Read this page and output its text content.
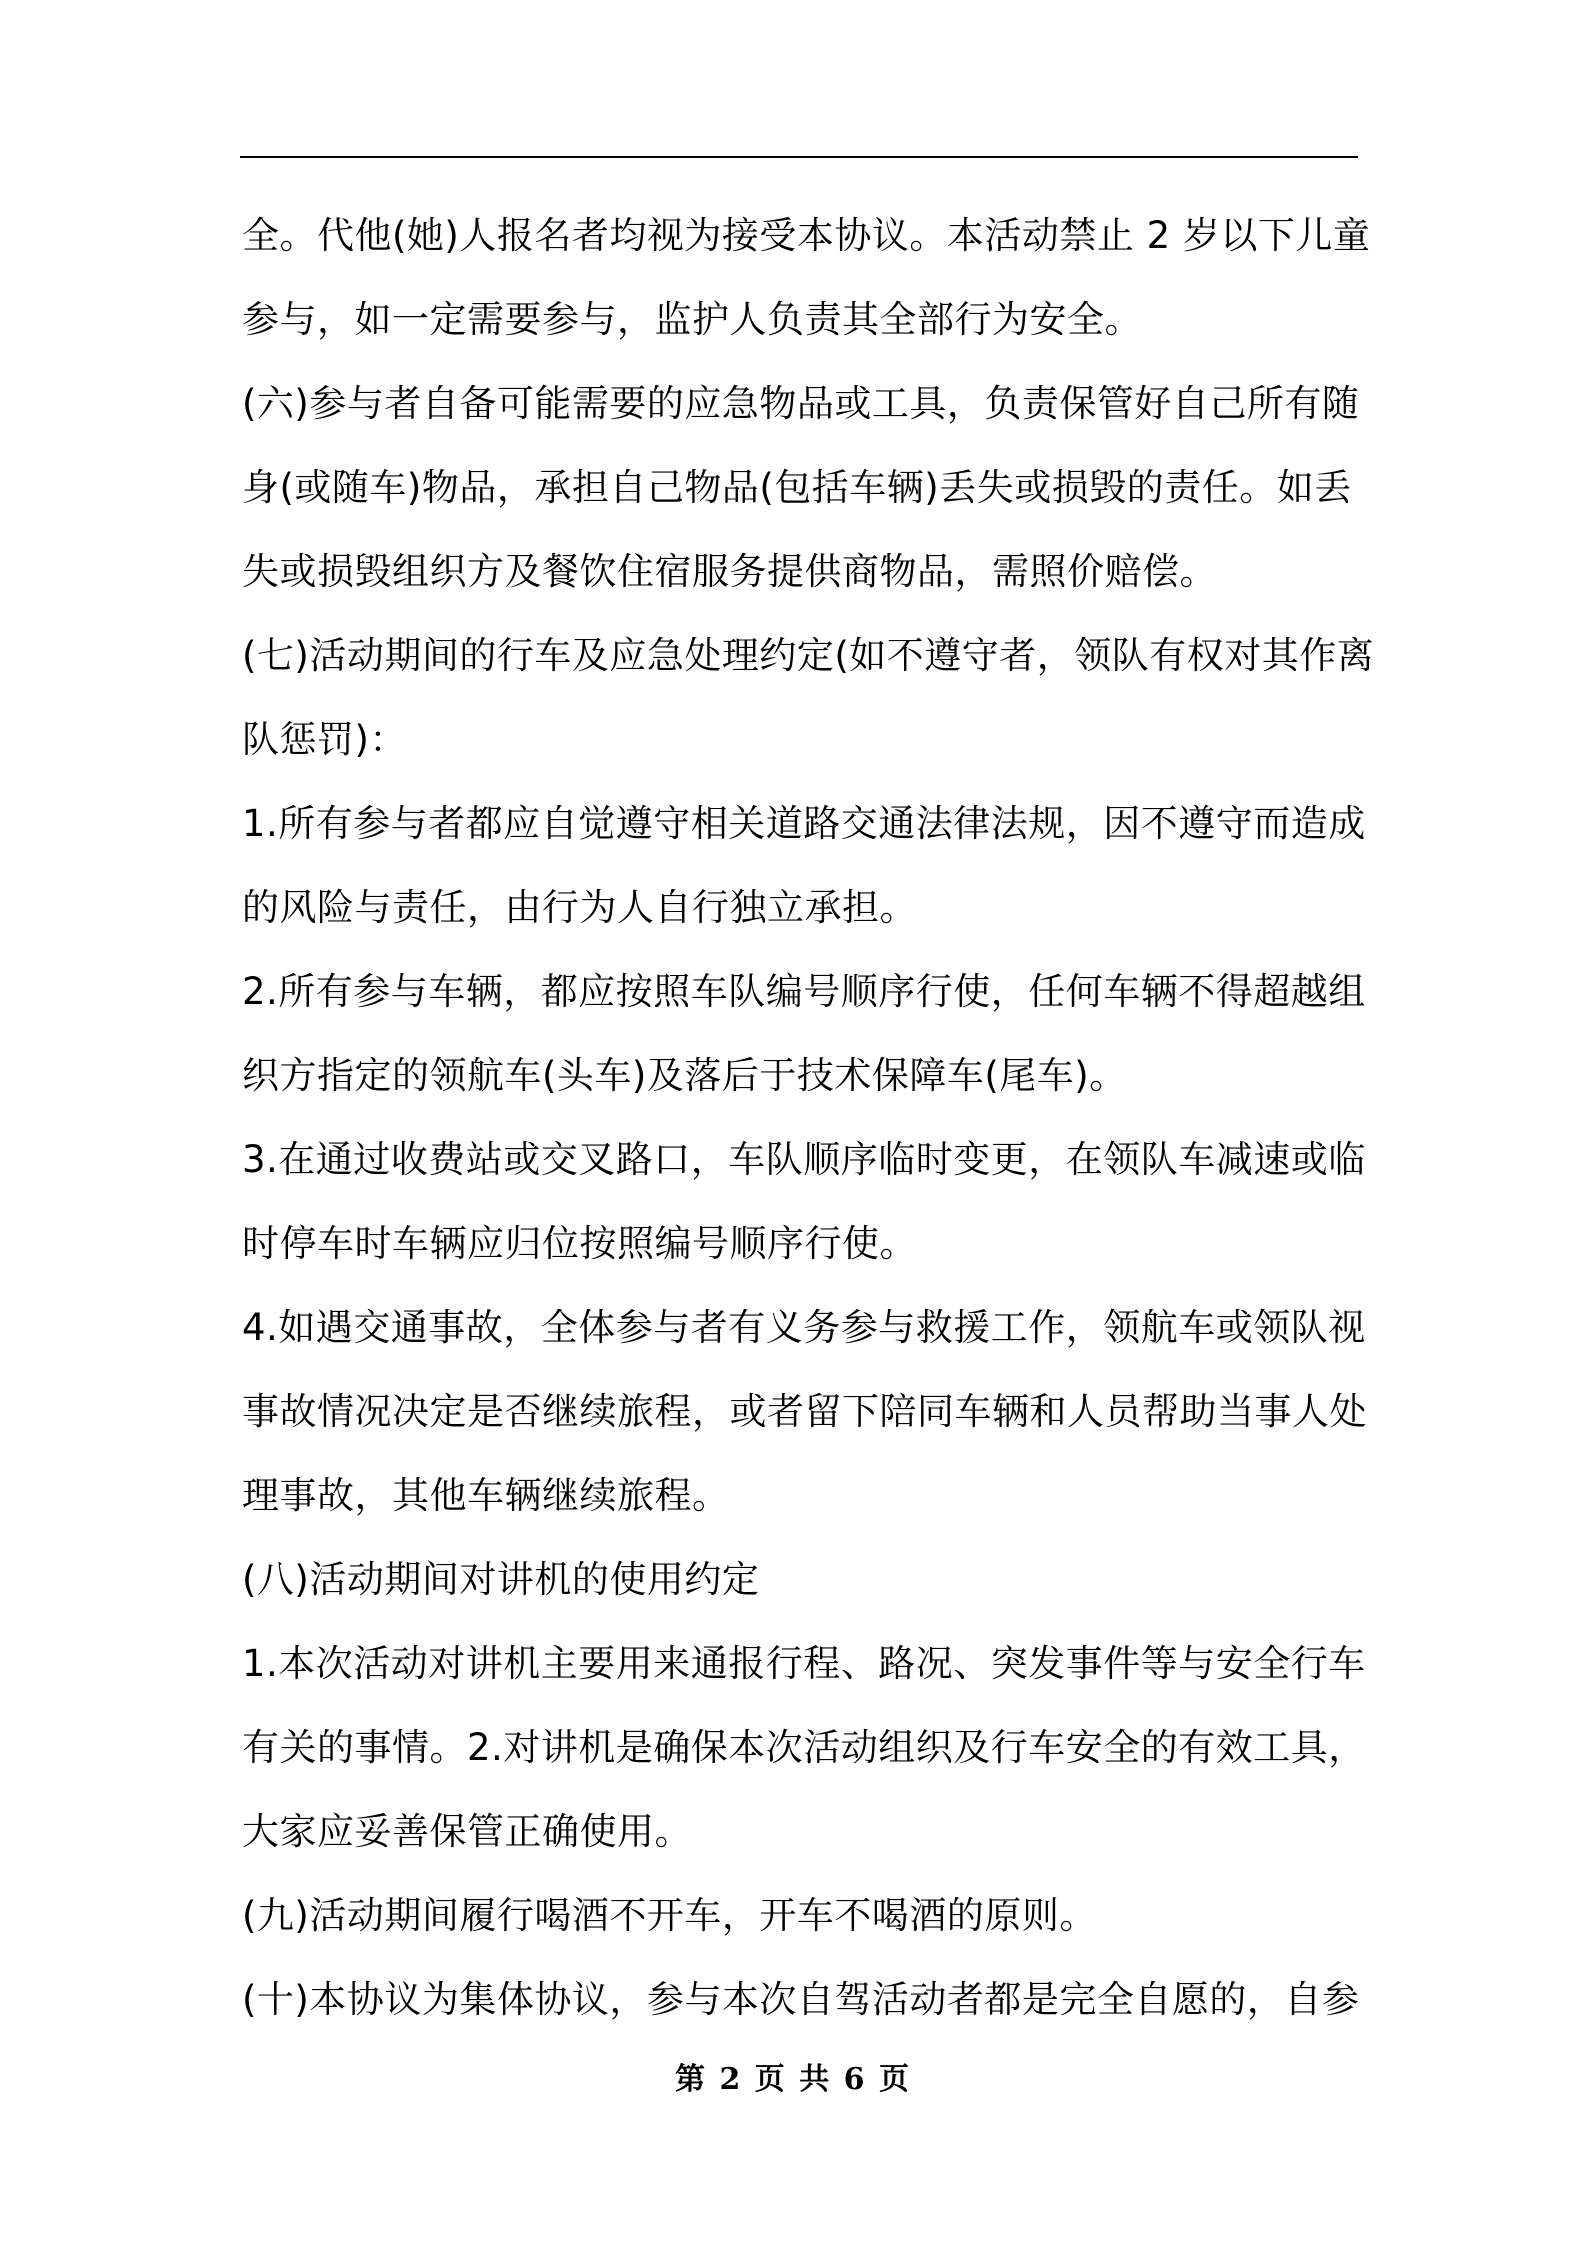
全。代他(她)人报名者均视为接受本协议。本活动禁止 2 岁以下儿童
参与，如一定需要参与，监护人负责其全部行为安全。
(六)参与者自备可能需要的应急物品或工具，负责保管好自己所有随
身(或随车)物品，承担自己物品(包括车辆)丢失或损毁的责任。如丢
失或损毁组织方及餐饮住宿服务提供商物品，需照价赔偿。
(七)活动期间的行车及应急处理约定(如不遵守者，领队有权对其作离
队惩罚)：
1.所有参与者都应自觉遵守相关道路交通法律法规，因不遵守而造成
的风险与责任，由行为人自行独立承担。
2.所有参与车辆，都应按照车队编号顺序行使，任何车辆不得超越组
织方指定的领航车(头车)及落后于技术保障车(尾车)。
3.在通过收费站或交叉路口，车队顺序临时变更，在领队车减速或临
时停车时车辆应归位按照编号顺序行使。
4.如遇交通事故，全体参与者有义务参与救援工作，领航车或领队视
事故情况决定是否继续旅程，或者留下陪同车辆和人员帮助当事人处
理事故，其他车辆继续旅程。
(八)活动期间对讲机的使用约定
1.本次活动对讲机主要用来通报行程、路况、突发事件等与安全行车
有关的事情。2.对讲机是确保本次活动组织及行车安全的有效工具，
大家应妥善保管正确使用。
(九)活动期间履行喝酒不开车，开车不喝酒的原则。
(十)本协议为集体协议，参与本次自驾活动者都是完全自愿的，自参
第 2 页 共 6 页
